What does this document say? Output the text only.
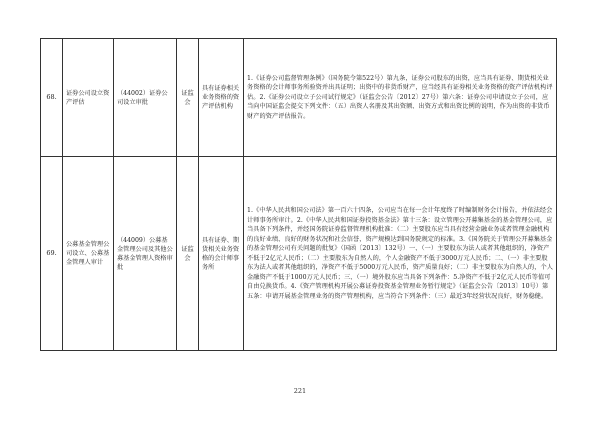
68.	证券公司设立资产评估	（44002）证券公司设立审批	证监会	具有证券相关业务资格的资产评估机构	1.《证券公司监督管理条例》（国务院令第522号）第九条，证券公司股东的出资，应当具有证券、期货相关业务资格的会计师事务所验资并出具证明；出资中的非货币财产，应当经具有证券相关业务资格的资产评估机构评估。2.《证券公司设立子公司试行规定》（证监会公告〔2012〕27号）第六条：证券公司申请设立子公司，应当向中国证监会提交下列文件：（五）出资人名册及其出资额、出资方式和出资比例的说明，作为出资的非货币财产的资产评估报告。
69.	公募基金管理公司设立、公募基金管理人审计	（44009）公募基金管理公司及其他公募基金管理人资格审批	证监会	具有证券、期货相关业务资格的会计师事务所	1.《中华人民共和国公司法》第一百六十四条，公司应当在每一会计年度终了时编制财务会计报告，并依法经会计师事务所审计。2.《中华人民共和国证券投资基金法》第十三条：设立管理公开募集基金的基金管理公司，应当具备下列条件，并经国务院证券监督管理机构批准：（二）主要股东应当具有经营金融业务或者管理金融机构的良好业绩、良好的财务状况和社会信誉，资产规模达到国务院规定的标准。3.《国务院关于管理公开募集基金的基金管理公司有关问题的批复》（国函〔2013〕132号）一、（一）主要股东为法人或者其他组织的，净资产不低于2亿元人民币；（二）主要股东为自然人的，个人金融资产不低于3000万元人民币；二、（一）非主要股东为法人或者其他组织的，净资产不低于5000万元人民币，资产质量良好；（二）非主要股东为自然人的，个人金融资产不低于1000万元人民币；三、（一）境外股东应当具备下列条件：5.净资产不低于2亿元人民币等值可自由兑换货币。4.《资产管理机构开展公募证券投资基金管理业务暂行规定》（证监会公告〔2013〕10号）第五条：申请开展基金管理业务的资产管理机构，应当符合下列条件：（三）最近3年经营状况良好，财务稳健。
221
